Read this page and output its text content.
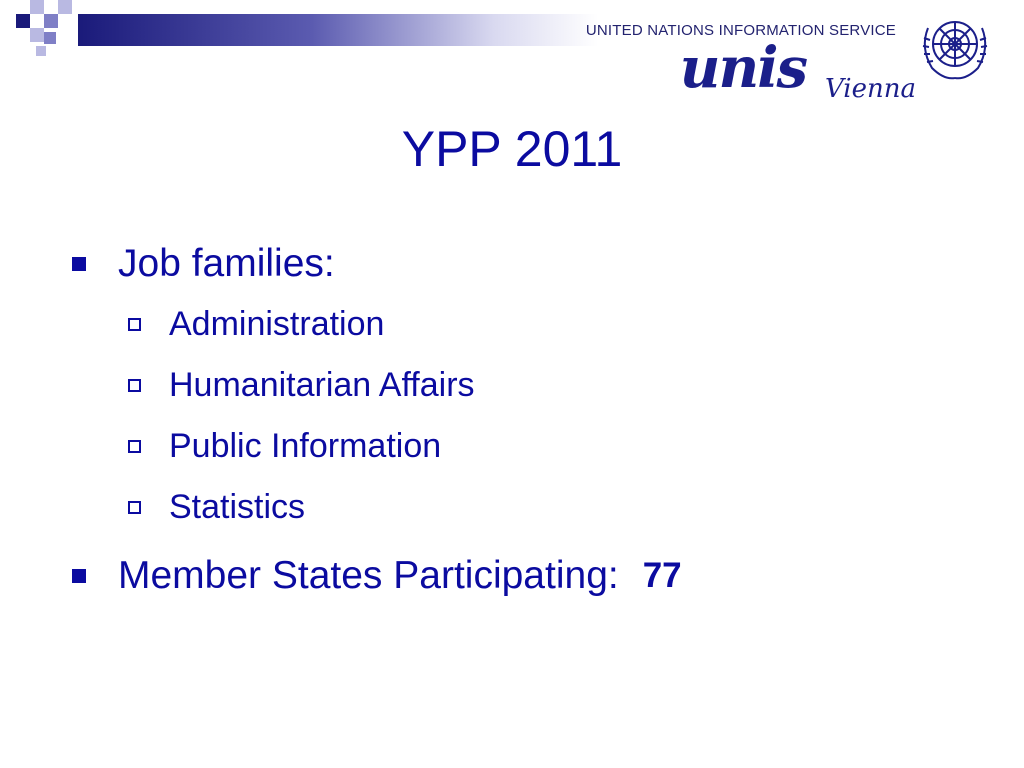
UNITED NATIONS INFORMATION SERVICE
unis Vienna
YPP 2011
Job families:
Administration
Humanitarian Affairs
Public Information
Statistics
Member States Participating: 77
